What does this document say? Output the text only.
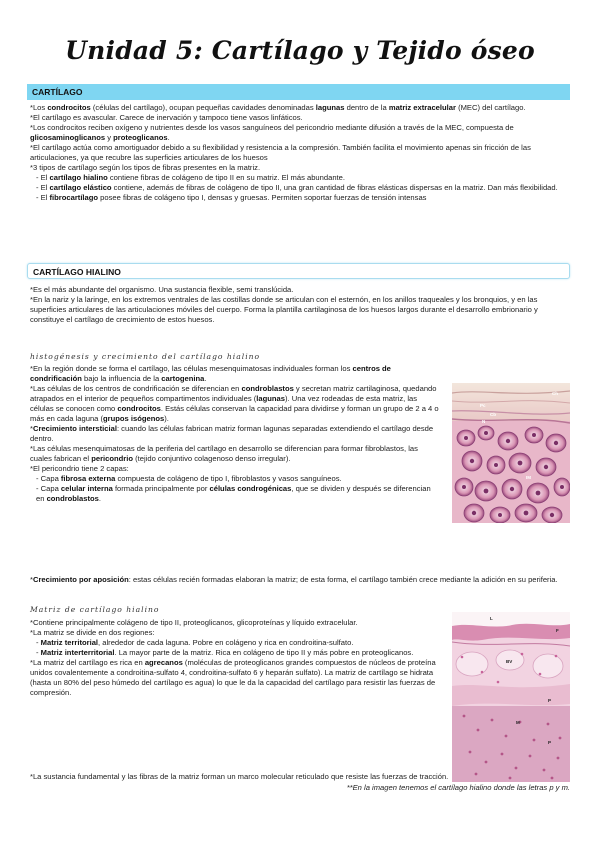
Unidad 5: Cartílago y Tejido óseo
CARTÍLAGO

*Los condrocitos (células del cartílago), ocupan pequeñas cavidades denominadas lagunas dentro de la matriz extracelular (MEC) del cartílago.

*El cartílago es avascular. Carece de inervación y tampoco tiene vasos linfáticos.

*Los condrocitos reciben oxígeno y nutrientes desde los vasos sanguíneos del pericondrio mediante difusión a través de la MEC, compuesta de glicosaminoglicanos y proteoglicanos.

*El cartílago actúa como amortiguador debido a su flexibilidad y resistencia a la compresión. También facilita el movimiento apenas sin fricción de las articulaciones, ya que recubre las superficies articulares de los huesos

*3 tipos de cartílago según los tipos de fibras presentes en la matriz.

- El cartílago hialino contiene fibras de colágeno de tipo II en su matriz. El más abundante.

- El cartílago elástico contiene, además de fibras de colágeno de tipo II, una gran cantidad de fibras elásticas dispersas en la matriz. Dan más flexibilidad.

- El fibrocartílago posee fibras de colágeno tipo I, densas y gruesas. Permiten soportar fuerzas de tensión intensas

CARTÍLAGO HIALINO

*Es el más abundante del organismo. Una sustancia flexible, semi translúcida.

*En la nariz y la laringe, en los extremos ventrales de las costillas donde se articulan con el esternón, en los anillos traqueales y los bronquios, y en las superficies articulares de las articulaciones móviles del cuerpo. Forma la plantilla cartilaginosa de los huesos largos durante el desarrollo embrionario y constituye el cartílago de crecimiento de estos huesos.

histogénesis y crecimiento del cartílago hialino

*En la región donde se forma el cartílago, las células mesenquimatosas individuales forman los centros de condrificación bajo la influencia de la cartogenina.

*Las células de los centros de condrificación se diferencian en condroblastos y secretan matriz cartilaginosa, quedando atrapados en el interior de pequeños compartimentos individuales (lagunas). Una vez rodeadas de esta matriz, las células se conocen como condrocitos. Estás células conservan la capacidad para dividirse y forman un grupo de 2 a 4 o más en cada laguna (grupos isógenos).

*Crecimiento intersticial: cuando las células fabrican matriz forman lagunas separadas extendiendo el cartílago desde dentro.

*Las células mesenquimatosas de la periferia del cartílago en desarrollo se diferencian para formar fibroblastos, las cuales fabrican el pericondrio (tejido conjuntivo colagenoso denso irregular).

*El pericondrio tiene 2 capas:

- Capa fibrosa externa compuesta de colágeno de tipo I, fibroblastos y vasos sanguíneos.

- Capa celular interna formada principalmente por células condrogénicas, que se dividen y después se diferencian en condroblastos.

*Crecimiento por aposición: estas células recién formadas elaboran la matriz; de esta forma, el cartílago también crece mediante la adición en su periferia.

Ch
Pc
Cb
N
IM
Matriz de cartílago hialino

*Contiene principalmente colágeno de tipo II, proteoglicanos, glicoproteínas y líquido extracelular.

*La matriz se divide en dos regiones:

- Matriz territorial, alrededor de cada laguna. Pobre en colágeno y rica en condroitina-sulfato.

- Matriz interterritorial. La mayor parte de la matriz. Rica en colágeno de tipo II y más pobre en proteoglicanos.

*La matriz del cartílago es rica en agrecanos (moléculas de proteoglicanos grandes compuestos de núcleos de proteína unidos covalentemente a condroitina-sulfato 4, condroitina-sulfato 6 y heparán sulfato). La matriz de cartílago se hidrata (hasta un 80% del peso húmedo del cartílago es agua) lo que le da la capacidad del cartílago para resistir las fuerzas de compresión.

*La sustancia fundamental y las fibras de la matriz forman un marco molecular reticulado que resiste las fuerzas de tracción.

**En la imagen tenemos el cartílago hialino donde las letras p y m.
L
F
BV
P
M
P
